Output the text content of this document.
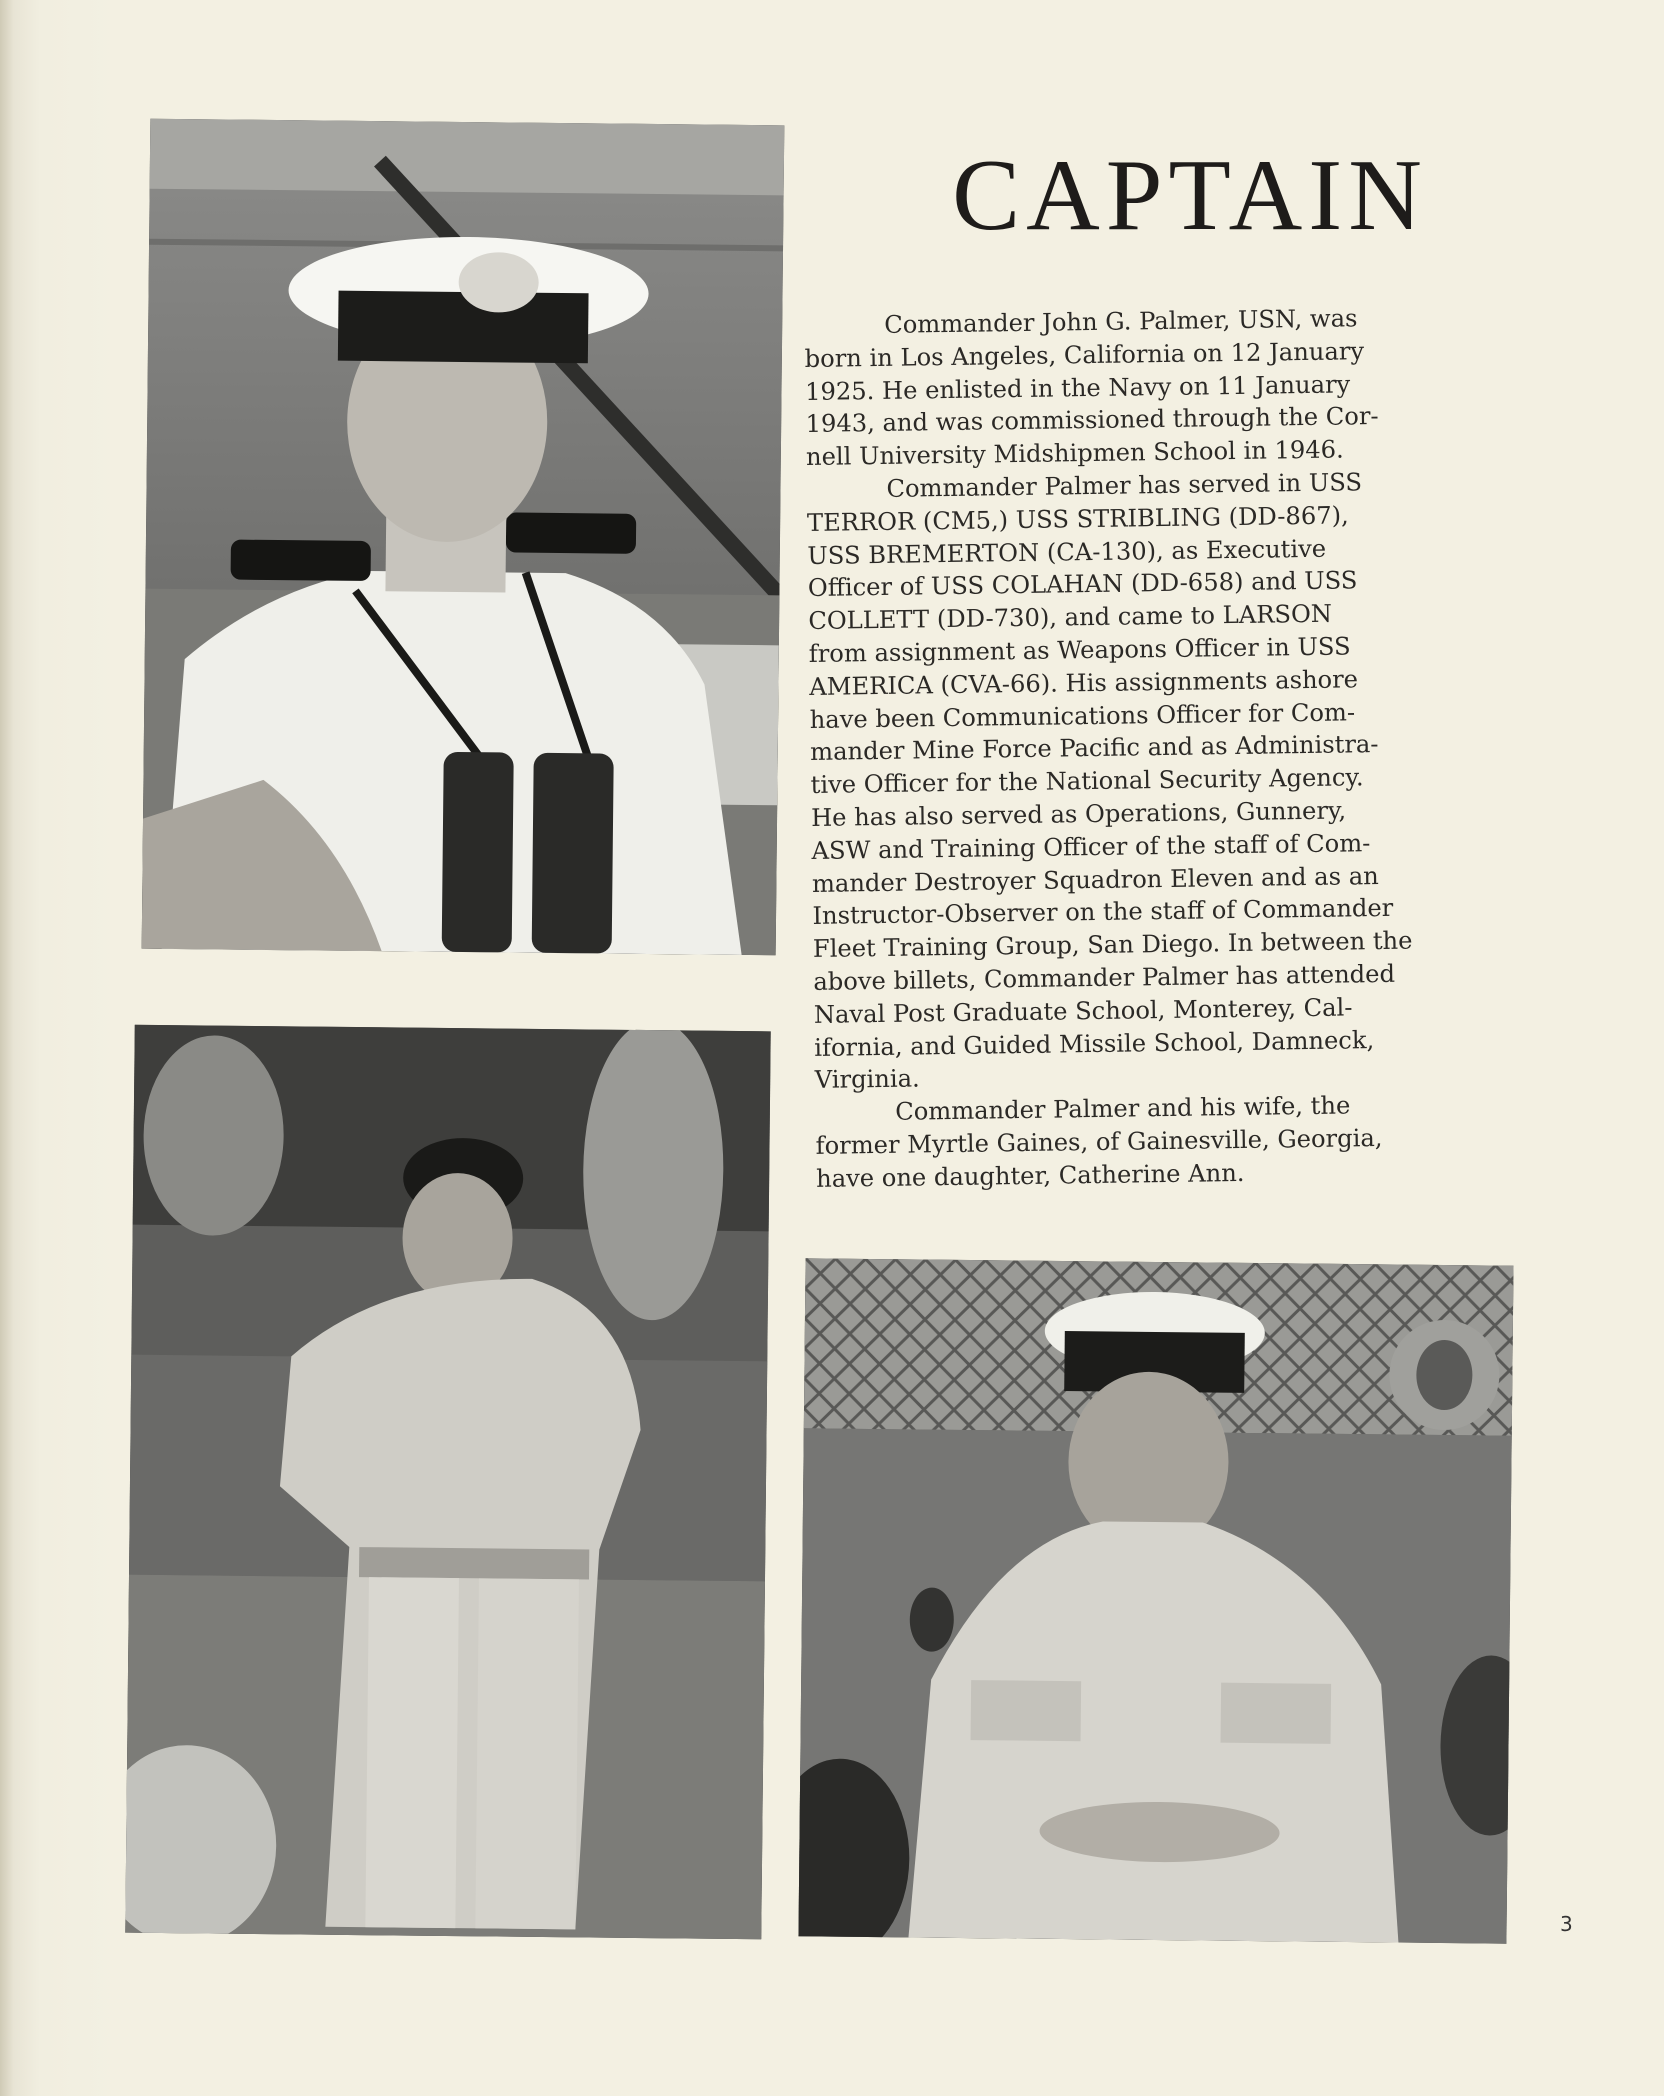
CAPTAIN

Commander John G. Palmer, USN, was
born in Los Angeles, California on 12 January
1925. He enlisted in the Navy on 11 January
1943, and was commissioned through the Cor-
nell University Midshipmen School in 1946.

Commander Palmer has served in USS
TERROR (CM5,) USS STRIBLING (DD-867),
USS BREMERTON (CA-130), as Executive
Officer of USS COLAHAN (DD-658) and USS
COLLETT (DD-730), and came to LARSON
from assignment as Weapons Officer in USS
AMERICA (CVA-66). His assignments ashore
have been Communications Officer for Com-
mander Mine Force Pacific and as Administra-
tive Officer for the National Security Agency.
He has also served as Operations, Gunnery,
ASW and Training Officer of the staff of Com-
mander Destroyer Squadron Eleven and as an
Instructor-Observer on the staff of Commander
Fleet Training Group, San Diego. In between the
above billets, Commander Palmer has attended
Naval Post Graduate School, Monterey, Cal-
ifornia, and Guided Missile School, Damneck,
Virginia.

Commander Palmer and his wife, the
former Myrtle Gaines, of Gainesville, Georgia,
have one daughter, Catherine Ann.

3
